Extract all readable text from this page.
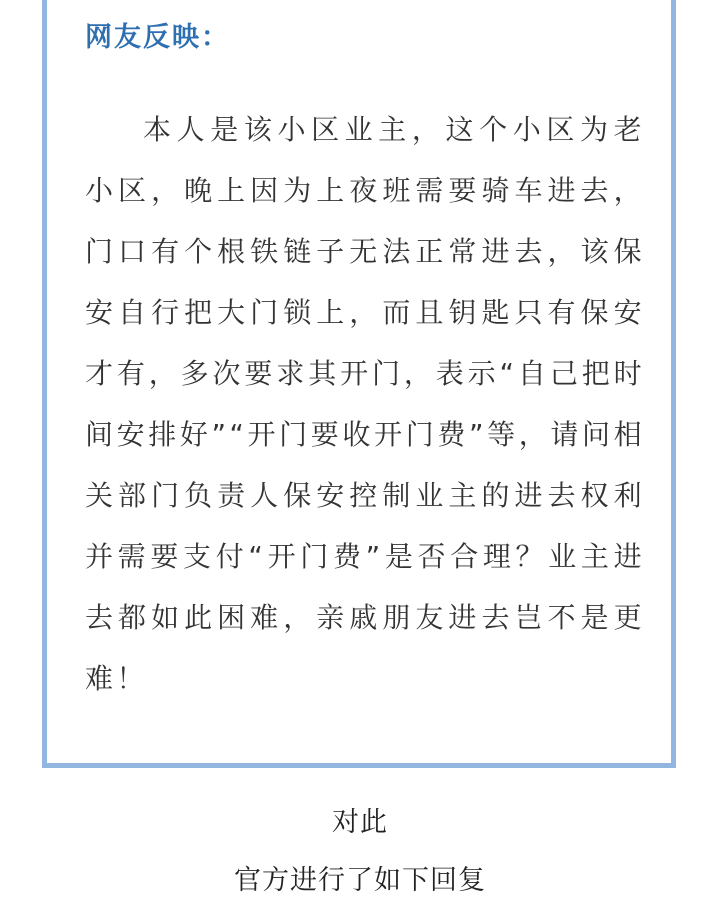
网友反映：

本人是该小区业主，这个小区为老小区，晚上因为上夜班需要骑车进去，门口有个根铁链子无法正常进去，该保安自行把大门锁上，而且钥匙只有保安才有，多次要求其开门，表示“自己把时间安排好”“开门要收开门费”等，请问相关部门负责人保安控制业主的进去权利并需要支付“开门费”是否合理？业主进去都如此困难，亲戚朋友进去岂不是更难！

对此

官方进行了如下回复
